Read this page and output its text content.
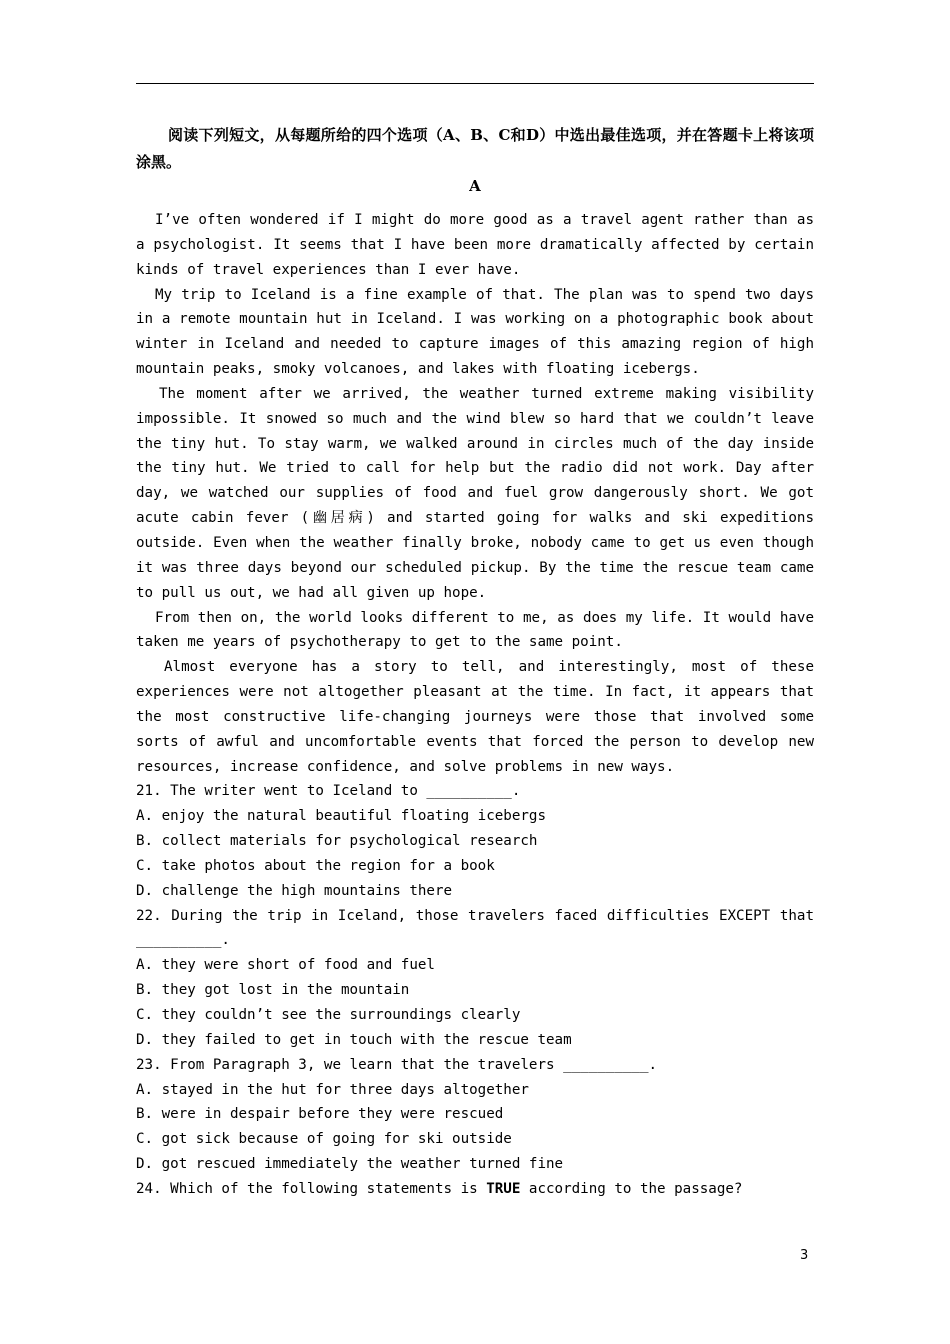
阅读下列短文，从每题所给的四个选项（A、B、C和D）中选出最佳选项，并在答题卡上将该项涂黑。
A

I’ve often wondered if I might do more good as a travel agent rather than as a psychologist. It seems that I have been more dramatically affected by certain kinds of travel experiences than I ever have.

My trip to Iceland is a fine example of that. The plan was to spend two days in a remote mountain hut in Iceland. I was working on a photographic book about winter in Iceland and needed to capture images of this amazing region of high mountain peaks, smoky volcanoes, and lakes with floating icebergs.

The moment after we arrived, the weather turned extreme making visibility impossible. It snowed so much and the wind blew so hard that we couldn’t leave the tiny hut. To stay warm, we walked around in circles much of the day inside the tiny hut. We tried to call for help but the radio did not work. Day after day, we watched our supplies of food and fuel grow dangerously short. We got acute cabin fever (幽居病) and started going for walks and ski expeditions outside. Even when the weather finally broke, nobody came to get us even though it was three days beyond our scheduled pickup. By the time the rescue team came to pull us out, we had all given up hope.

From then on, the world looks different to me, as does my life. It would have taken me years of psychotherapy to get to the same point.

Almost everyone has a story to tell, and interestingly, most of these experiences were not altogether pleasant at the time. In fact, it appears that the most constructive life-changing journeys were those that involved some sorts of awful and uncomfortable events that forced the person to develop new resources, increase confidence, and solve problems in new ways.

21. The writer went to Iceland to __________.

A. enjoy the natural beautiful floating icebergs

B. collect materials for psychological research

C. take photos about the region for a book

D. challenge the high mountains there

22. During the trip in Iceland, those travelers faced difficulties EXCEPT that __________.

A. they were short of food and fuel

B. they got lost in the mountain

C. they couldn’t see the surroundings clearly

D. they failed to get in touch with the rescue team

23. From Paragraph 3, we learn that the travelers __________.

A. stayed in the hut for three days altogether

B. were in despair before they were rescued

C. got sick because of going for ski outside

D. got rescued immediately the weather turned fine

24. Which of the following statements is TRUE according to the passage?

3
